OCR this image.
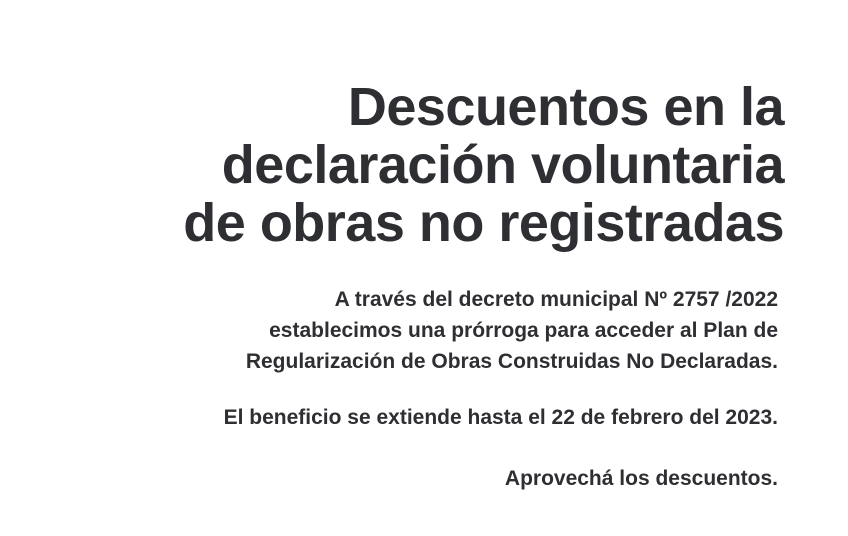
Descuentos en la
declaración voluntaria
de obras no registradas
A través del decreto municipal Nº 2757 /2022
establecimos una prórroga para acceder al Plan de
Regularización de Obras Construidas No Declaradas.
El beneficio se extiende hasta el 22 de febrero del 2023.
Aprovechá los descuentos.
